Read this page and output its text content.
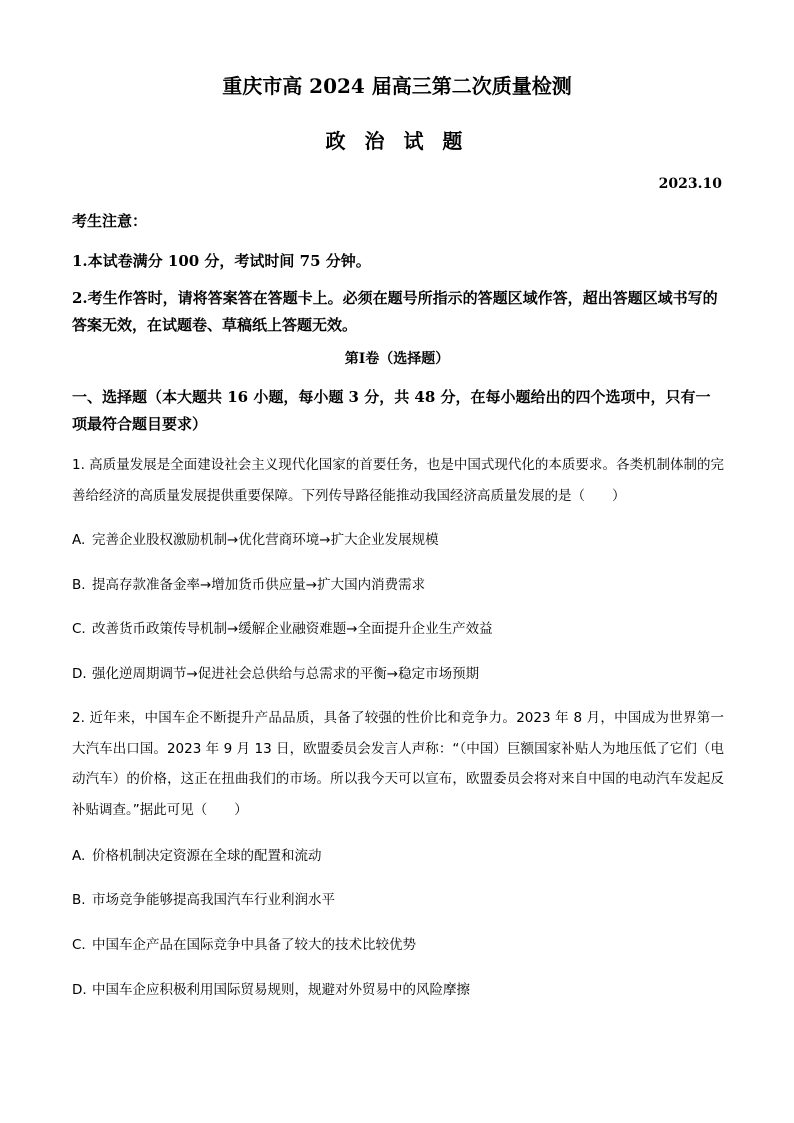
重庆市高 2024 届高三第二次质量检测
政 治 试 题
2023.10
考生注意：
1.本试卷满分 100 分，考试时间 75 分钟。
2.考生作答时，请将答案答在答题卡上。必须在题号所指示的答题区域作答，超出答题区域书写的答案无效，在试题卷、草稿纸上答题无效。
第Ⅰ卷（选择题）
一、选择题（本大题共 16 小题，每小题 3 分，共 48 分，在每小题给出的四个选项中，只有一项最符合题目要求）
1. 高质量发展是全面建设社会主义现代化国家的首要任务，也是中国式现代化的本质要求。各类机制体制的完善给经济的高质量发展提供重要保障。下列传导路径能推动我国经济高质量发展的是（　　）
A. 完善企业股权激励机制→优化营商环境→扩大企业发展规模
B. 提高存款准备金率→增加货币供应量→扩大国内消费需求
C. 改善货币政策传导机制→缓解企业融资难题→全面提升企业生产效益
D. 强化逆周期调节→促进社会总供给与总需求的平衡→稳定市场预期
2. 近年来，中国车企不断提升产品品质，具备了较强的性价比和竞争力。2023 年 8 月，中国成为世界第一大汽车出口国。2023 年 9 月 13 日，欧盟委员会发言人声称：“（中国）巨额国家补贴人为地压低了它们（电动汽车）的价格，这正在扭曲我们的市场。所以我今天可以宣布，欧盟委员会将对来自中国的电动汽车发起反补贴调查。”据此可见（　　）
A. 价格机制决定资源在全球的配置和流动
B. 市场竞争能够提高我国汽车行业利润水平
C. 中国车企产品在国际竞争中具备了较大的技术比较优势
D. 中国车企应积极利用国际贸易规则，规避对外贸易中的风险摩擦
